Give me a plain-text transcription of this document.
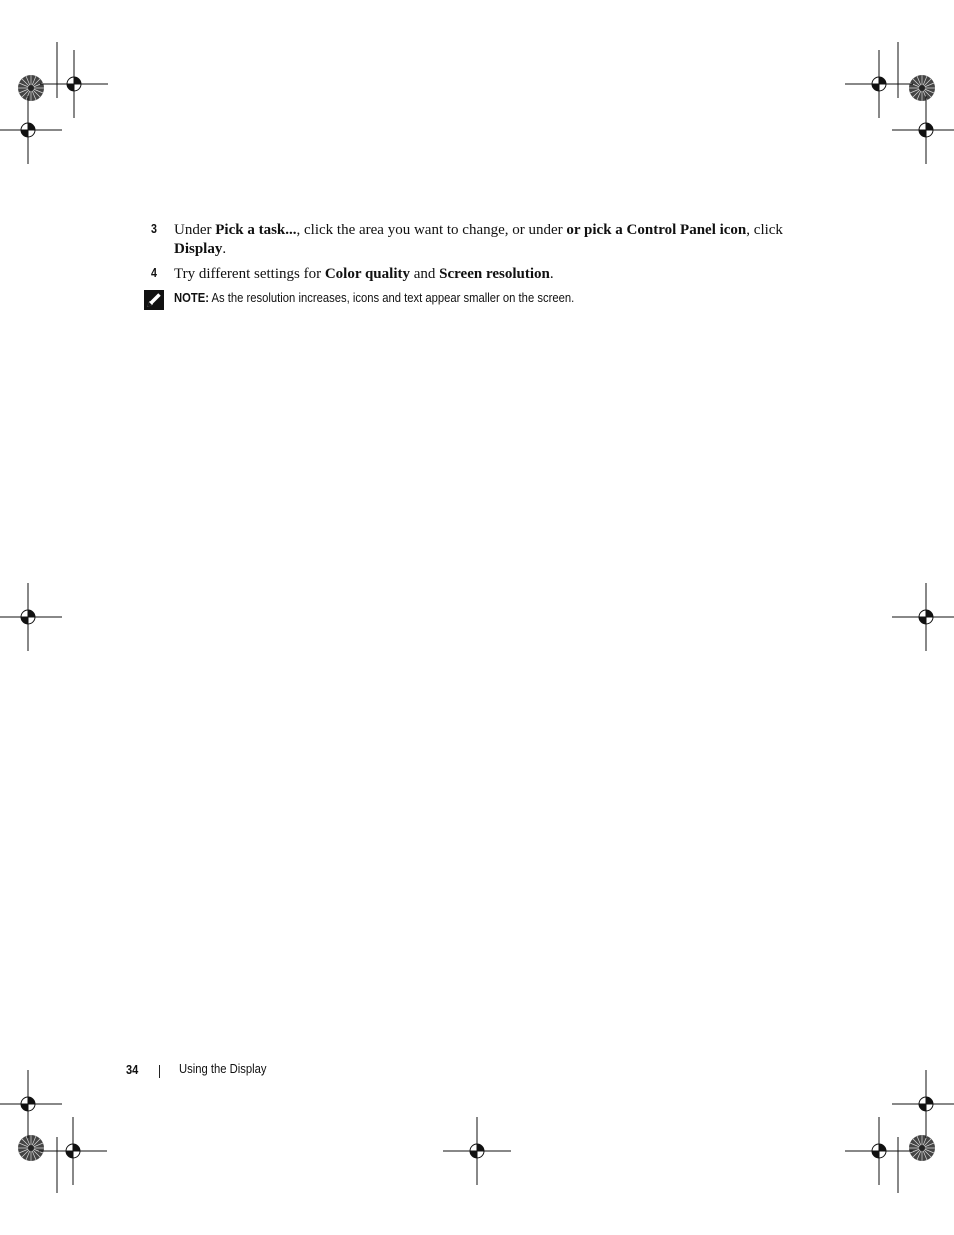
3 Under Pick a task..., click the area you want to change, or under or pick a Control Panel icon, click Display.
4 Try different settings for Color quality and Screen resolution.
NOTE: As the resolution increases, icons and text appear smaller on the screen.
34	Using the Display
